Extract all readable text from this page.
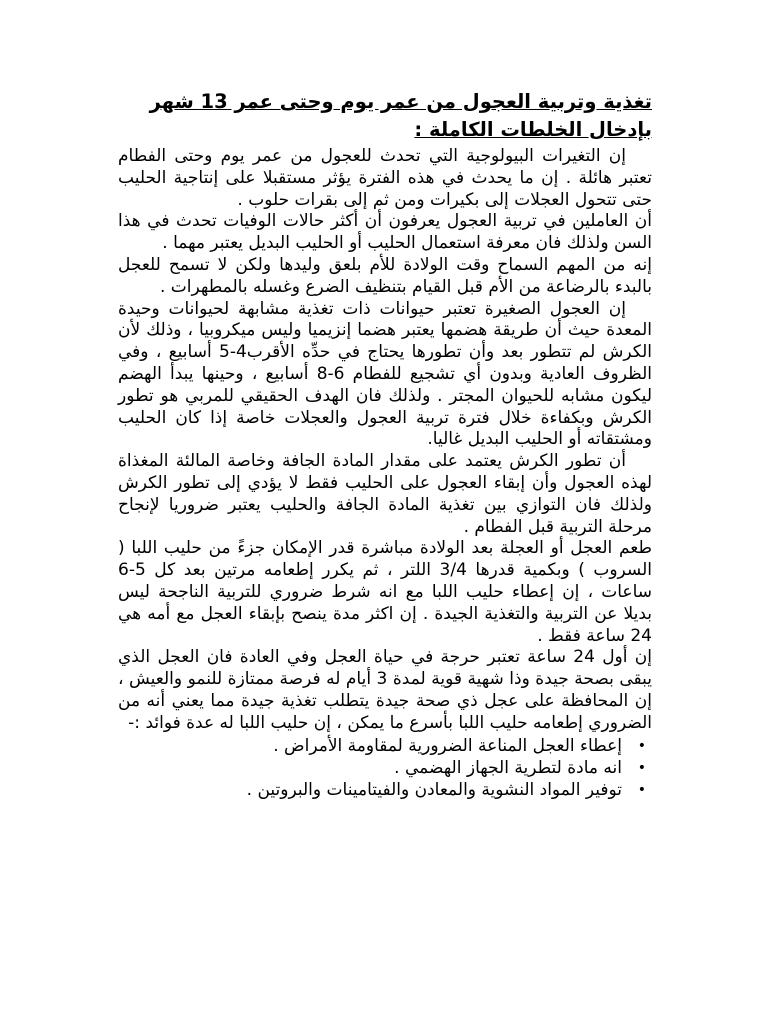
تغذية وتربية العجول من عمر يوم وحتى عمر 13 شهر بإدخال الخلطات الكاملة :

إن التغيرات البيولوجية التي تحدث للعجول من عمر يوم وحتى الفطام تعتبر هائلة . إن ما يحدث في هذه الفترة يؤثر مستقبلا على إنتاجية الحليب حتى تتحول العجلات إلى بكيرات ومن ثم إلى بقرات حلوب .

أن العاملين في تربية العجول يعرفون أن أكثر حالات الوفيات تحدث في هذا السن ولذلك فان معرفة استعمال الحليب أو الحليب البديل يعتبر مهما .

إنه من المهم السماح وقت الولادة للأم بلعق وليدها ولكن لا تسمح للعجل بالبدء بالرضاعة من الأم قبل القيام بتنظيف الضرع وغسله بالمطهرات .

إن العجول الصغيرة تعتبر حيوانات ذات تغذية مشابهة لحيوانات وحيدة المعدة حيث أن طريقة هضمها يعتبر هضما إنزيميا وليس ميكروبيا ، وذلك لأن الكرش لم تتطور بعد وأن تطورها يحتاج في حدِّه الأقرب4-5 أسابيع ، وفي الظروف العادية وبدون أي تشجيع للفطام 6-8 أسابيع ، وحينها يبدأ الهضم ليكون مشابه للحيوان المجتر . ولذلك فان الهدف الحقيقي للمربي هو تطور الكرش وبكفاءة خلال فترة تربية العجول والعجلات خاصة إذا كان الحليب ومشتقاته أو الحليب البديل غاليا.

أن تطور الكرش يعتمد على مقدار المادة الجافة وخاصة المالئة المغذاة لهذه العجول وأن إبقاء العجول على الحليب فقط لا يؤدي إلى تطور الكرش ولذلك فان التوازي بين تغذية المادة الجافة والحليب يعتبر ضروريا لإنجاح مرحلة التربية قبل الفطام .

طعم العجل أو العجلة بعد الولادة مباشرة قدر الإمكان جزءً من حليب اللبا ( السروب ) وبكمية قدرها 3/4 اللتر ، ثم يكرر إطعامه مرتين بعد كل 5-6 ساعات ، إن إعطاء حليب اللبا مع انه شرط ضروري للتربية الناجحة ليس بديلا عن التربية والتغذية الجيدة . إن اكثر مدة ينصح بإبقاء العجل مع أمه هي 24 ساعة فقط .

إن أول 24 ساعة تعتبر حرجة في حياة العجل وفي العادة فان العجل الذي يبقى بصحة جيدة وذا شهية قوية لمدة 3 أيام له فرصة ممتازة للنمو والعيش ، إن المحافظة على عجل ذي صحة جيدة يتطلب تغذية جيدة مما يعني أنه من الضروري إطعامه حليب اللبا بأسرع ما يمكن ، إن حليب اللبا له عدة فوائد :-

•
إعطاء العجل المناعة الضرورية لمقاومة الأمراض .
•
انه مادة لتطرية الجهاز الهضمي .
•
توفير المواد النشوية والمعادن والفيتامينات والبروتين .
